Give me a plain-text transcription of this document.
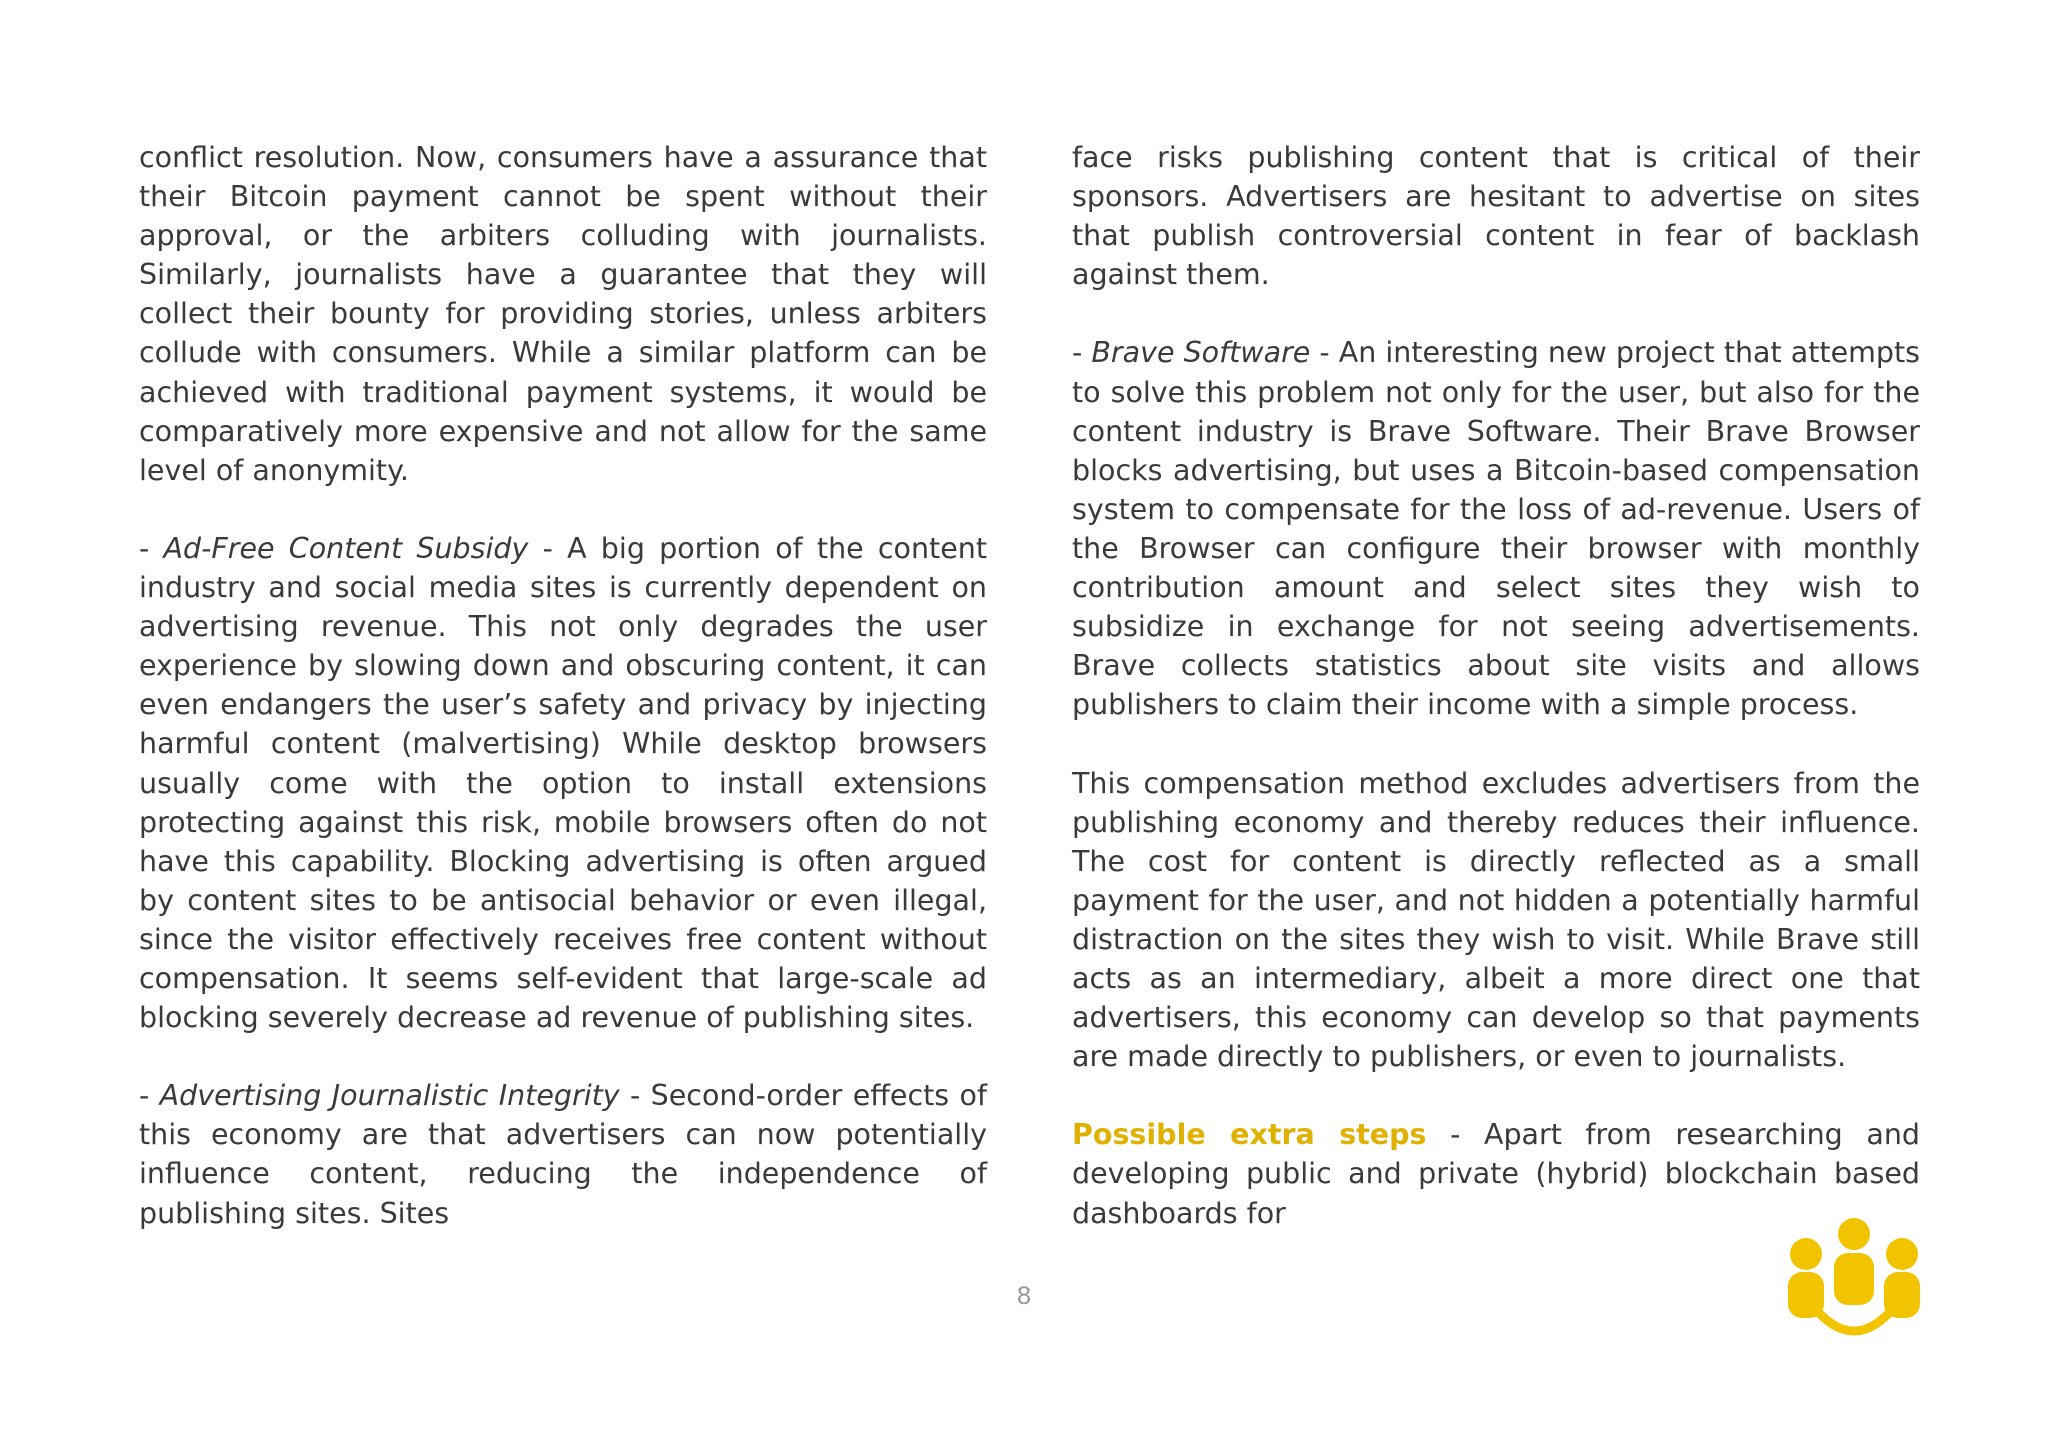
conflict resolution. Now, consumers have a assurance that their Bitcoin payment cannot be spent without their approval, or the arbiters colluding with journalists. Similarly, journalists have a guarantee that they will collect their bounty for providing stories, unless arbiters collude with consumers. While a similar platform can be achieved with traditional payment systems, it would be comparatively more expensive and not allow for the same level of anonymity.

- Ad-Free Content Subsidy - A big portion of the content industry and social media sites is currently dependent on advertising revenue. This not only degrades the user experience by slowing down and obscuring content, it can even endangers the user’s safety and privacy by injecting harmful content (malvertising) While desktop browsers usually come with the option to install extensions protecting against this risk, mobile browsers often do not have this capability. Blocking advertising is often argued by content sites to be antisocial behavior or even illegal, since the visitor effectively receives free content without compensation. It seems self-evident that large-scale ad blocking severely decrease ad revenue of publishing sites.

- Advertising Journalistic Integrity - Second-order effects of this economy are that advertisers can now potentially influence content, reducing the independence of publishing sites. Sites

face risks publishing content that is critical of their sponsors. Advertisers are hesitant to advertise on sites that publish controversial content in fear of backlash against them.

- Brave Software - An interesting new project that attempts to solve this problem not only for the user, but also for the content industry is Brave Software. Their Brave Browser blocks advertising, but uses a Bitcoin-based compensation system to compensate for the loss of ad-revenue. Users of the Browser can configure their browser with monthly contribution amount and select sites they wish to subsidize in exchange for not seeing advertisements. Brave collects statistics about site visits and allows publishers to claim their income with a simple process.

This compensation method excludes advertisers from the publishing economy and thereby reduces their influence. The cost for content is directly reflected as a small payment for the user, and not hidden a potentially harmful distraction on the sites they wish to visit. While Brave still acts as an intermediary, albeit a more direct one that advertisers, this economy can develop so that payments are made directly to publishers, or even to journalists.

Possible extra steps - Apart from researching and developing public and private (hybrid) blockchain based dashboards for

8
